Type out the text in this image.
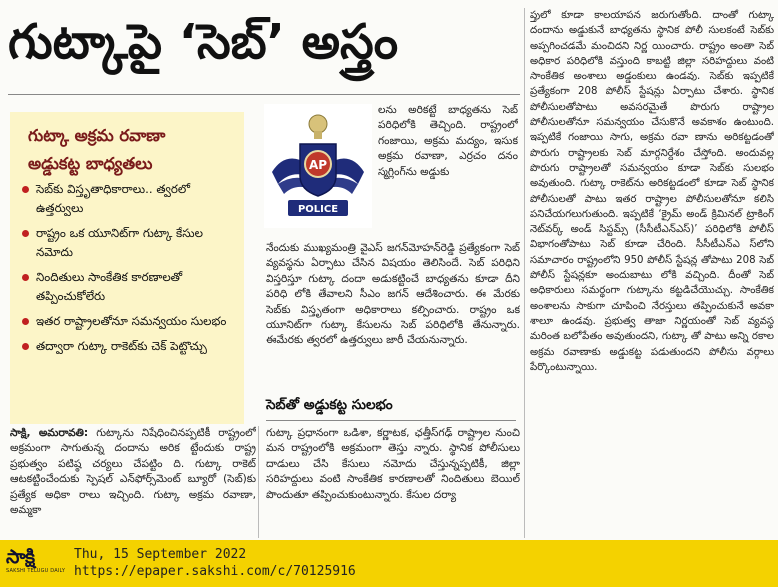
గుట్కాపై ‘సెబ్‌’ అస్త్రం
గుట్కా అక్రమ రవాణా
అడ్డుకట్ట బాధ్యతలు
సెబ్‌కు విస్తృతాధికారాలు.. త్వరలో ఉత్తర్వులు
రాష్ట్రం ఒక యూనిట్‌గా గుట్కా కేసుల నమోదు
నిందితులు సాంకేతిక కారణాలతో తప్పించుకోలేరు
ఇతర రాష్ట్రాలతోనూ సమన్వయం సులభం
తద్వారా గుట్కా రాకెట్‌కు చెక్‌ పెట్టొచ్చు
AP
POLICE
లను అరికట్టే బాధ్యతను సెబ్‌ పరిధిలోకి తెచ్చింది. రాష్ట్రంలో గంజాయి, అక్రమ మద్యం, ఇసుక అక్రమ రవాణా, ఎర్రచం దనం స్మగ్లింగ్‌ను అడ్డుకు
నేందుకు ముఖ్యమంత్రి వైఎస్‌ జగన్‌మోహన్‌రెడ్డి ప్రత్యేకంగా సెబ్‌ వ్యవస్థను ఏర్పాటు చేసిన విషయం తెలిసిందే. సెబ్‌ పరిధిని విస్తరిస్తూ గుట్కా దందా అడుకట్టించే బాధ్యతను కూడా దీని పరిధి లోకి తేవాలని సీఎం జగన్‌ ఆదేశించారు. ఈ మేరకు సెబ్‌కు విస్తృతంగా అధికారాలు కల్పించారు. రాష్ట్రం ఒక యూనిట్‌గా గుట్కా కేసులను సెబ్‌ పరిధిలోకి తేనున్నారు. ఈమేరకు త్వరలో ఉత్తర్వులు జారీ చేయనున్నారు.
సెబ్‌తో అడ్డుకట్ట సులభం
సాక్షి, అమరావతి: గుట్కాను నిషేధించినప్పటికీ రాష్ట్రంలో అక్రమంగా సాగుతున్న దందాను అరిక ట్టేందుకు రాష్ట్ర ప్రభుత్వం పటిష్ఠ చర్యలు చేపట్టిం ది. గుట్కా రాకెట్‌ ఆటకట్టించేందుకు స్పెషల్‌ ఎన్‌ఫోర్స్‌మెంట్‌ బ్యూరో (సెబ్‌)కు ప్రత్యేక అధికా రాలు ఇచ్చింది. గుట్కా అక్రమ రవాణా, అమ్మకా
గుట్కా ప్రధానంగా ఒడిశా, కర్ణాటక, ఛత్తీస్‌గఢ్‌ రాష్ట్రాల నుంచి మన రాష్ట్రంలోకి అక్రమంగా తెస్తు న్నారు. స్థానిక పోలీసులు దాడులు చేసి కేసులు నమోదు చేస్తున్నప్పటికీ, జిల్లా సరిహద్దులు వంటి సాంకేతిక కారణాలతో నిందితులు బెయిల్‌ పొందుతూ తప్పించుకుంటున్నారు. కేసుల దర్యా
ప్తులో కూడా కాలయాపన జరుగుతోంది. దాంతో గుట్కా దందాను అడ్డుకునే బాధ్యతను స్థానిక పోలీ సులకంటే సెబ్‌కు అప్పగించడమే మంచిదని నిర్ణ యించారు. రాష్ట్రం అంతా సెబ్‌ అధికార పరిధిలోకి వస్తుంది కాబట్టి జిల్లా సరిహద్దులు వంటి సాంకేతిక అంశాలు అడ్డంకులు ఉండవు. సెబ్‌కు ఇప్పటికే ప్రత్యేకంగా 208 పోలీస్‌ స్టేషన్లు ఏర్పాటు చేశారు. స్థానిక పోలీసులతోపాటు అవసరమైతే పొరుగు రాష్ట్రాల పోలీసులతోనూ సమన్వయం చేసుకొనే అవకాశం ఉంటుంది. ఇప్పటికే గంజాయి సాగు, అక్రమ రవా ణాను అరికట్టడంతో పొరుగు రాష్ట్రాలకు సెబ్‌ మార్గనిర్దేశం చేస్తోంది. అందువల్ల పొరుగు రాష్ట్రాలతో సమన్వయం కూడా సెబ్‌కు సులభం అవుతుంది. గుట్కా రాకెట్‌ను అరికట్టడంలో కూడా సెబ్‌ స్థానిక పోలీసులతో పాటు ఇతర రాష్ట్రాల పోలీసులతోనూ కలిసి పనిచేయగలుగుతుంది. ఇప్పటికే ‘క్రైమ్‌ అండ్‌ క్రిమినల్‌ ట్రాకింగ్‌ నెట్‌వర్క్‌ అండ్‌ సిస్టమ్స్‌ (సీసీటీఎన్‌ఎస్‌)’ పరిధిలోకి పోలీస్‌ విభాగంతోపాటు సెబ్‌ కూడా చేరింది. సీసీటీఎన్‌ఎ స్‌లోని సమాచారం రాష్ట్రంలోని 950 పోలీస్‌ స్టేషన్ల తోపాటు 208 సెబ్‌ పోలీస్‌ స్టేషన్లకూ అందుబాటు లోకి వచ్చింది. దీంతో సెబ్‌ అధికారులు సమర్థంగా గుట్కాను కట్టడిచేయొచ్చు. సాంకేతిక అంశాలను సాకుగా చూపించి నేరస్తులు తప్పించుకునే అవకా శాలూ ఉండవు. ప్రభుత్వ తాజా నిర్ణయంతో సెబ్‌ వ్యవస్థ మరింత బలోపేతం అవుతుందని, గుట్కా తో పాటు అన్ని రకాల అక్రమ రవాణాకు అడ్డుకట్ట పడుతుందని పోలీసు వర్గాలు పేర్కొంటున్నాయి.
సాక్షి
SAKSHI TELUGU DAILY
Thu, 15 September 2022
https://epaper.sakshi.com/c/70125916
